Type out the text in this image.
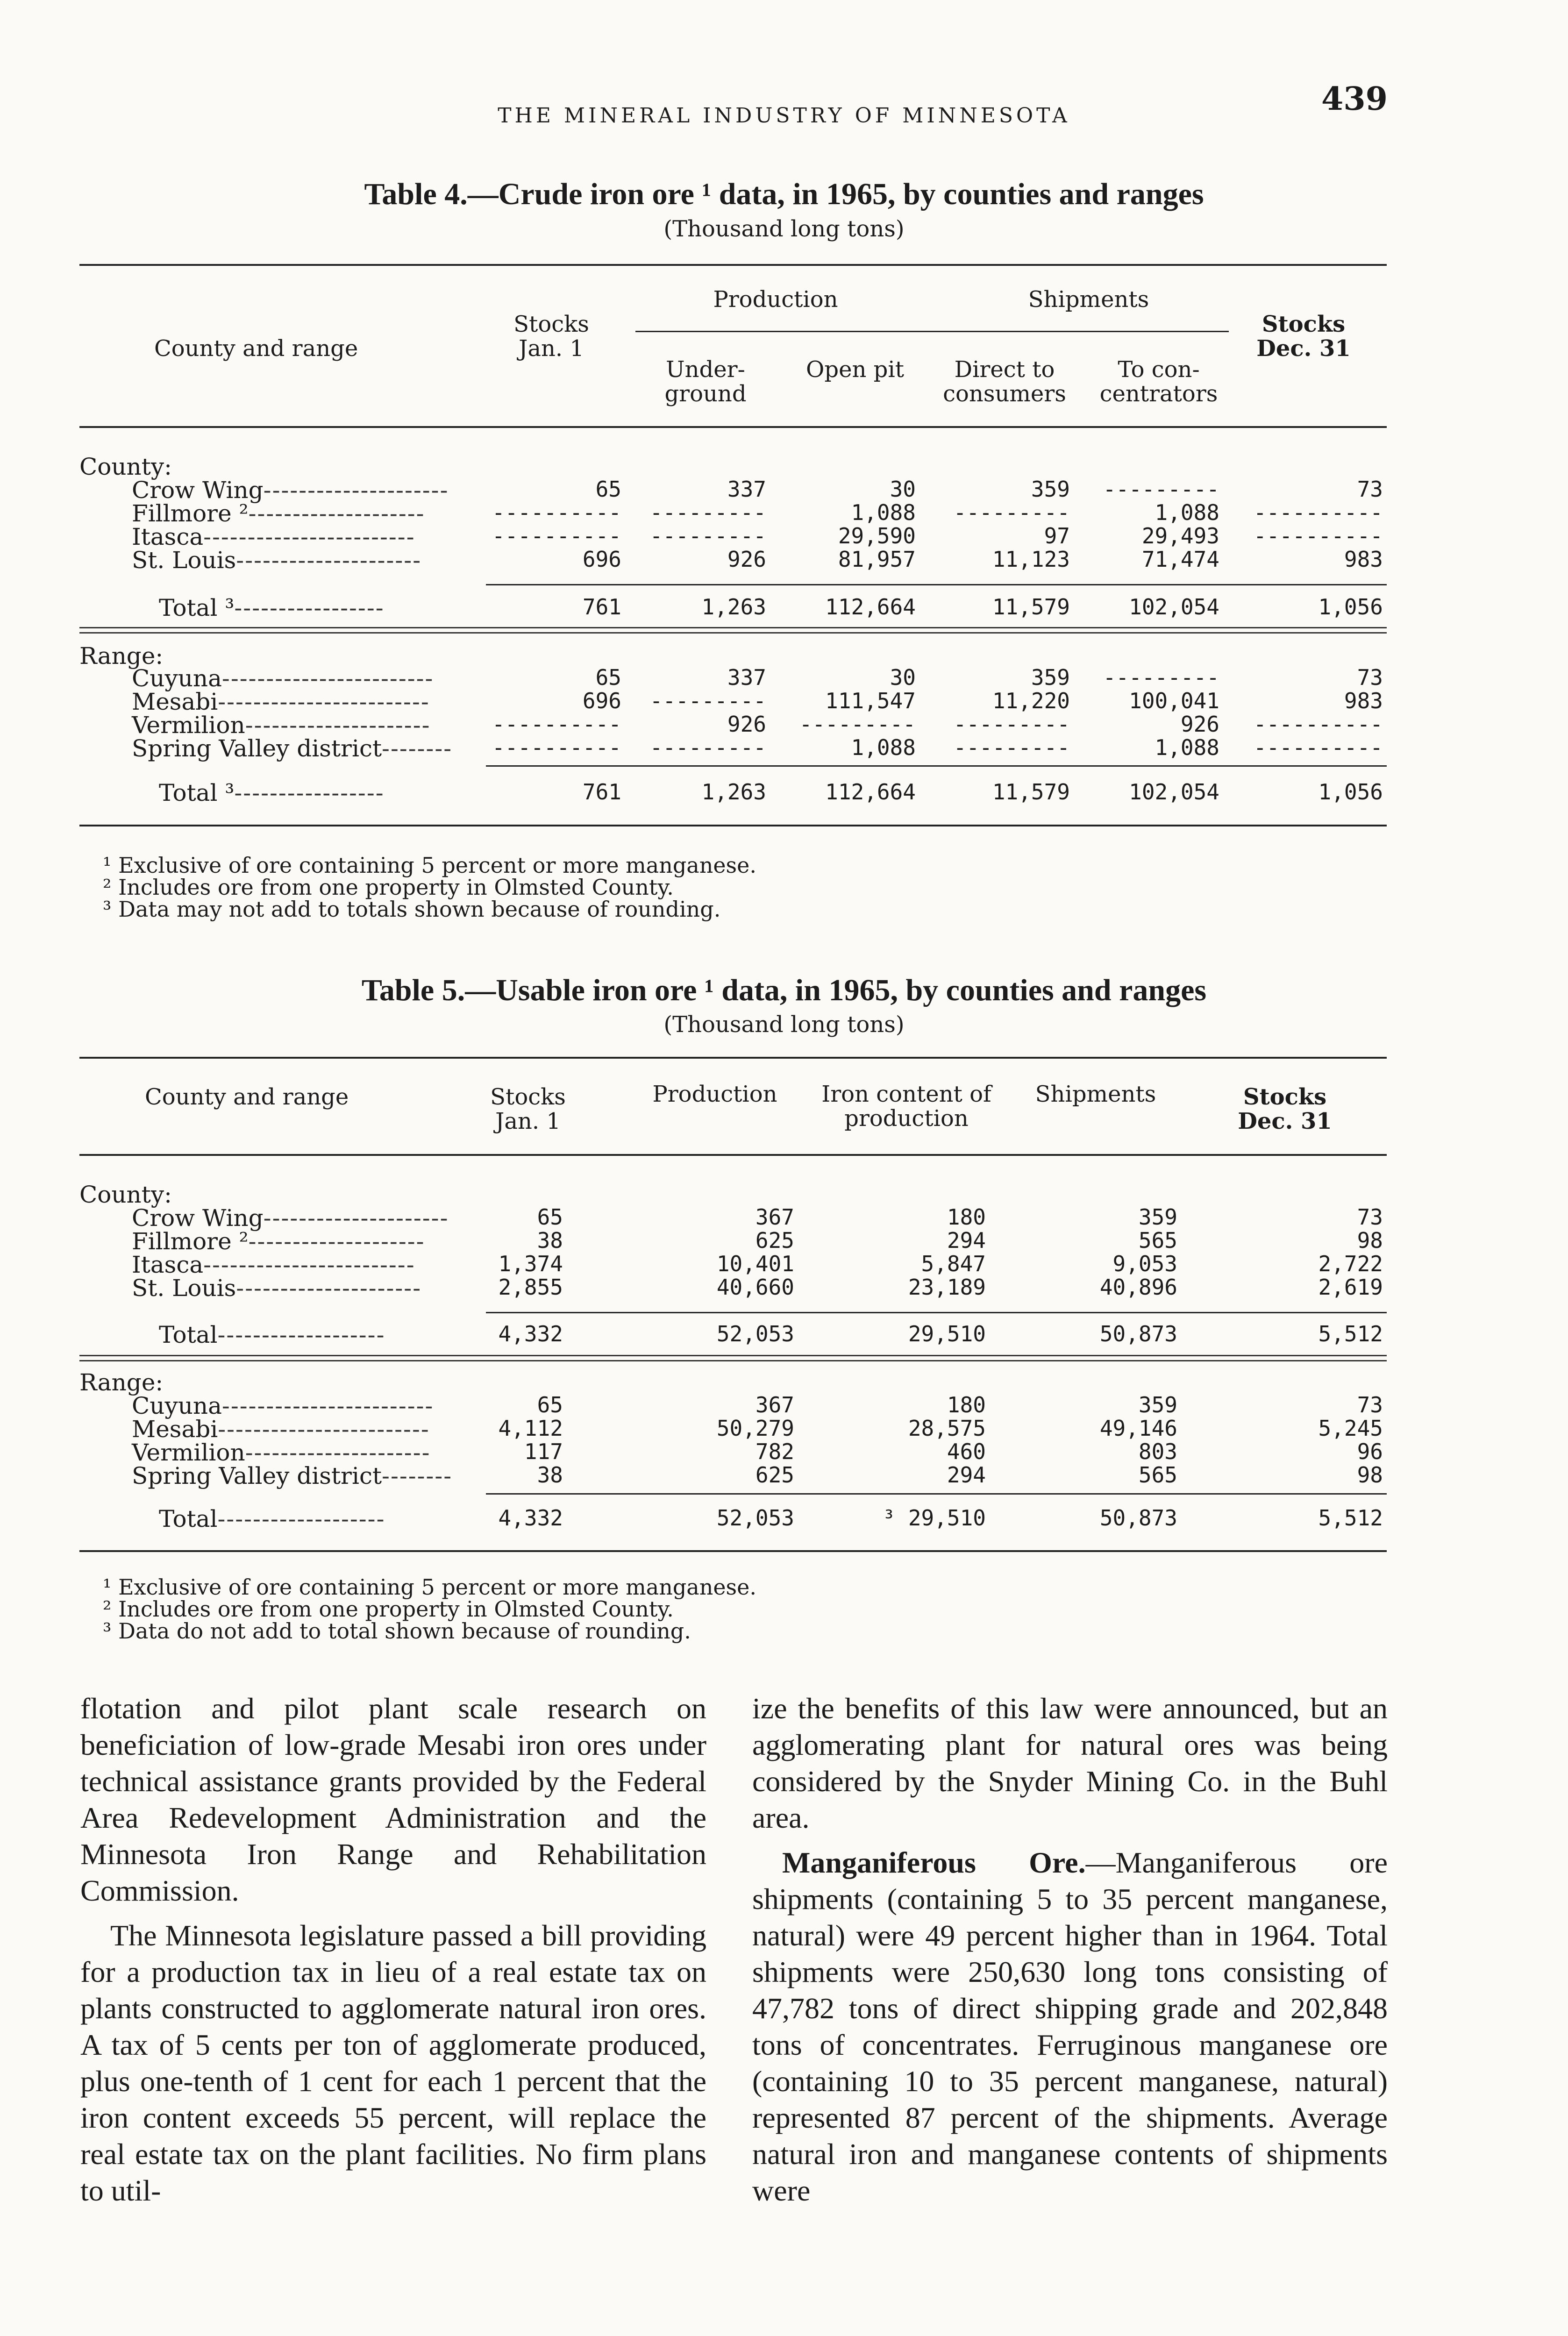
THE MINERAL INDUSTRY OF MINNESOTA	439
Table 4.—Crude iron ore ¹ data, in 1965, by counties and ranges
(Thousand long tons)
County and range
Stocks Jan. 1
Production	Shipments
Under-ground
Open pit	Direct to consumers
To con-centrators
Stocks Dec. 31
County:
Crow Wing---------------------	65	337	30	359 ---------	73
Fillmore ²--------------------	---------- ---------	1,088 ---------	1,088 ----------
Itasca------------------------	---------- ---------	29,590	97	29,493 ----------
St. Louis---------------------	696	926	81,957	11,123	71,474	983
Total ³-----------------	761	1,263	112,664	11,579	102,054	1,056
Range:
Cuyuna------------------------	65	337	30	359 ---------	73
Mesabi------------------------	696 ---------	111,547	11,220	100,041	983
Vermilion---------------------	----------	926 --------- ---------	926 ----------
Spring Valley district-------- ---------- ---------	1,088 ---------	1,088 ----------
Total ³-----------------	761	1,263	112,664	11,579	102,054	1,056
¹ Exclusive of ore containing 5 percent or more manganese.
² Includes ore from one property in Olmsted County.
³ Data may not add to totals shown because of rounding.
Table 5.—Usable iron ore ¹ data, in 1965, by counties and ranges
(Thousand long tons)
County and range	Stocks Jan. 1
Production	Iron content of production
Shipments	Stocks Dec. 31
County:
Crow Wing---------------------	65	367	180	359	73
Fillmore ²--------------------	38	625	294	565	98
Itasca------------------------	1,374	10,401	5,847	9,053	2,722
St. Louis---------------------	2,855	40,660	23,189	40,896	2,619
Total-------------------	4,332	52,053	29,510	50,873	5,512
Range:
Cuyuna------------------------	65	367	180	359	73
Mesabi------------------------	4,112	50,279	28,575	49,146	5,245
Vermilion---------------------	117	782	460	803	96
Spring Valley district--------	38	625	294	565	98
Total-------------------	4,332	52,053	³ 29,510	50,873	5,512
¹ Exclusive of ore containing 5 percent or more manganese.
² Includes ore from one property in Olmsted County.
³ Data do not add to total shown because of rounding.

flotation and pilot plant scale research on beneficiation of low-grade Mesabi iron ores under technical assistance grants provided by the Federal Area Redevelopment Administration and the Minnesota Iron Range and Rehabilitation Commission.

The Minnesota legislature passed a bill providing for a production tax in lieu of a real estate tax on plants constructed to agglomerate natural iron ores. A tax of 5 cents per ton of agglomerate produced, plus one-tenth of 1 cent for each 1 percent that the iron content exceeds 55 percent, will replace the real estate tax on the plant facilities. No firm plans to util-

ize the benefits of this law were announced, but an agglomerating plant for natural ores was being considered by the Snyder Mining Co. in the Buhl area.

Manganiferous Ore.—Manganiferous ore shipments (containing 5 to 35 percent manganese, natural) were 49 percent higher than in 1964. Total shipments were 250,630 long tons consisting of 47,782 tons of direct shipping grade and 202,848 tons of concentrates. Ferruginous manganese ore (containing 10 to 35 percent manganese, natural) represented 87 percent of the shipments. Average natural iron and manganese contents of shipments were
